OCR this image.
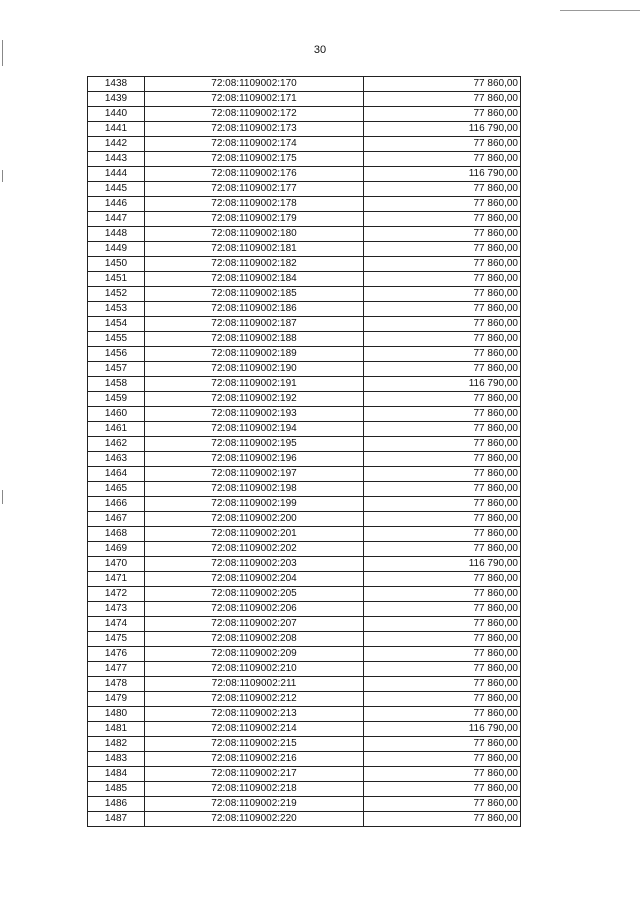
30
1438	72:08:1109002:170	77 860,00
1439	72:08:1109002:171	77 860,00
1440	72:08:1109002:172	77 860,00
1441	72:08:1109002:173	116 790,00
1442	72:08:1109002:174	77 860,00
1443	72:08:1109002:175	77 860,00
1444	72:08:1109002:176	116 790,00
1445	72:08:1109002:177	77 860,00
1446	72:08:1109002:178	77 860,00
1447	72:08:1109002:179	77 860,00
1448	72:08:1109002:180	77 860,00
1449	72:08:1109002:181	77 860,00
1450	72:08:1109002:182	77 860,00
1451	72:08:1109002:184	77 860,00
1452	72:08:1109002:185	77 860,00
1453	72:08:1109002:186	77 860,00
1454	72:08:1109002:187	77 860,00
1455	72:08:1109002:188	77 860,00
1456	72:08:1109002:189	77 860,00
1457	72:08:1109002:190	77 860,00
1458	72:08:1109002:191	116 790,00
1459	72:08:1109002:192	77 860,00
1460	72:08:1109002:193	77 860,00
1461	72:08:1109002:194	77 860,00
1462	72:08:1109002:195	77 860,00
1463	72:08:1109002:196	77 860,00
1464	72:08:1109002:197	77 860,00
1465	72:08:1109002:198	77 860,00
1466	72:08:1109002:199	77 860,00
1467	72:08:1109002:200	77 860,00
1468	72:08:1109002:201	77 860,00
1469	72:08:1109002:202	77 860,00
1470	72:08:1109002:203	116 790,00
1471	72:08:1109002:204	77 860,00
1472	72:08:1109002:205	77 860,00
1473	72:08:1109002:206	77 860,00
1474	72:08:1109002:207	77 860,00
1475	72:08:1109002:208	77 860,00
1476	72:08:1109002:209	77 860,00
1477	72:08:1109002:210	77 860,00
1478	72:08:1109002:211	77 860,00
1479	72:08:1109002:212	77 860,00
1480	72:08:1109002:213	77 860,00
1481	72:08:1109002:214	116 790,00
1482	72:08:1109002:215	77 860,00
1483	72:08:1109002:216	77 860,00
1484	72:08:1109002:217	77 860,00
1485	72:08:1109002:218	77 860,00
1486	72:08:1109002:219	77 860,00
1487	72:08:1109002:220	77 860,00
